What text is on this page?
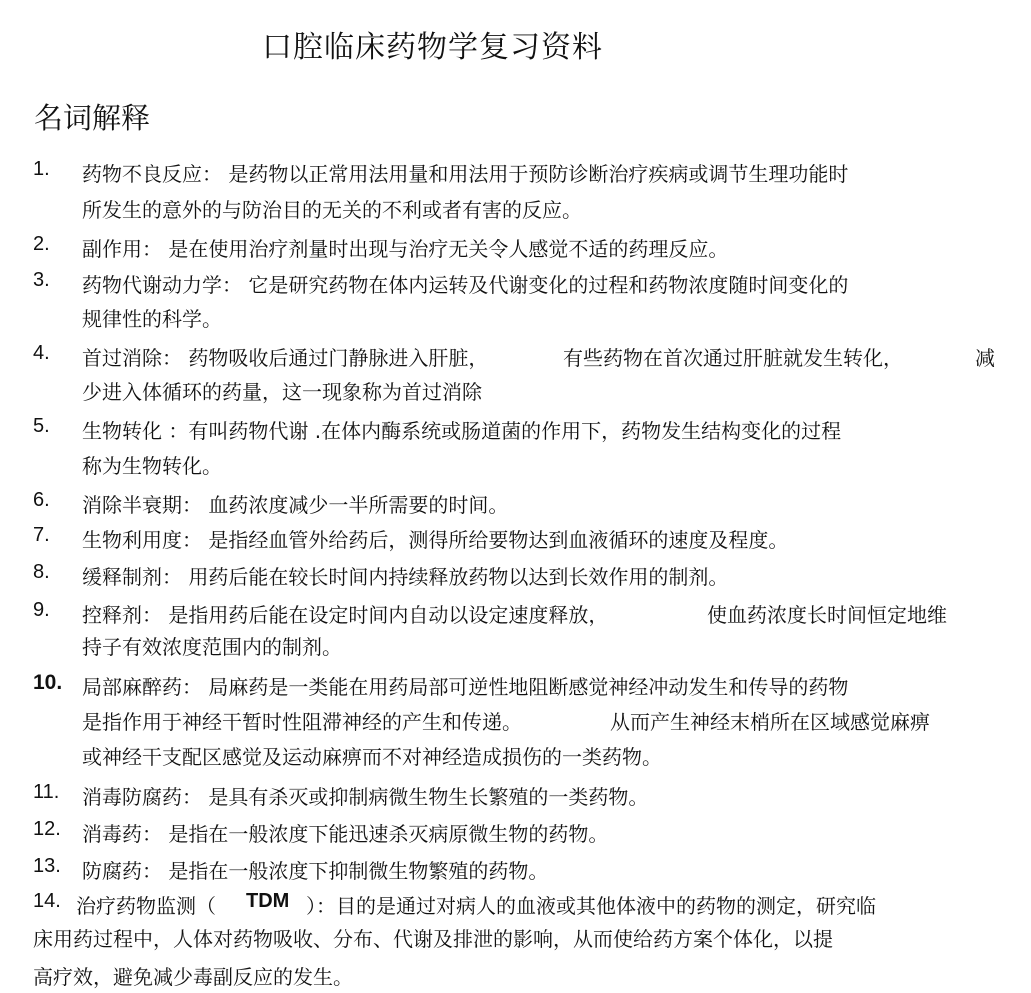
口腔临床药物学复习资料
名词解释
1. 药物不良反应： 是药物以正常用法用量和用法用于预防诊断治疗疾病或调节生理功能时
所发生的意外的与防治目的无关的不利或者有害的反应。
2. 副作用： 是在使用治疗剂量时出现与治疗无关令人感觉不适的药理反应。
3. 药物代谢动力学： 它是研究药物在体内运转及代谢变化的过程和药物浓度随时间变化的
规律性的科学。
4. 首过消除： 药物吸收后通过门静脉进入肝脏，	有些药物在首次通过肝脏就发生转化，	减
少进入体循环的药量，这一现象称为首过消除
5. 生物转化 ：有叫药物代谢 .在体内酶系统或肠道菌的作用下，药物发生结构变化的过程
称为生物转化。
6. 消除半衰期： 血药浓度减少一半所需要的时间。
7. 生物利用度： 是指经血管外给药后，测得所给要物达到血液循环的速度及程度。
8. 缓释制剂： 用药后能在较长时间内持续释放药物以达到长效作用的制剂。
9. 控释剂： 是指用药后能在设定时间内自动以设定速度释放，	使血药浓度长时间恒定地维
持子有效浓度范围内的制剂。
10. 局部麻醉药： 局麻药是一类能在用药局部可逆性地阻断感觉神经冲动发生和传导的药物
是指作用于神经干暂时性阻滞神经的产生和传递。	从而产生神经末梢所在区域感觉麻痹
或神经干支配区感觉及运动麻痹而不对神经造成损伤的一类药物。
11. 消毒防腐药： 是具有杀灭或抑制病微生物生长繁殖的一类药物。
12. 消毒药： 是指在一般浓度下能迅速杀灭病原微生物的药物。
13. 防腐药： 是指在一般浓度下抑制微生物繁殖的药物。
14. 治疗药物监测（ TDM ）：目的是通过对病人的血液或其他体液中的药物的测定，研究临
床用药过程中，人体对药物吸收、分布、代谢及排泄的影响，从而使给药方案个体化，以提
高疗效，避免减少毒副反应的发生。
